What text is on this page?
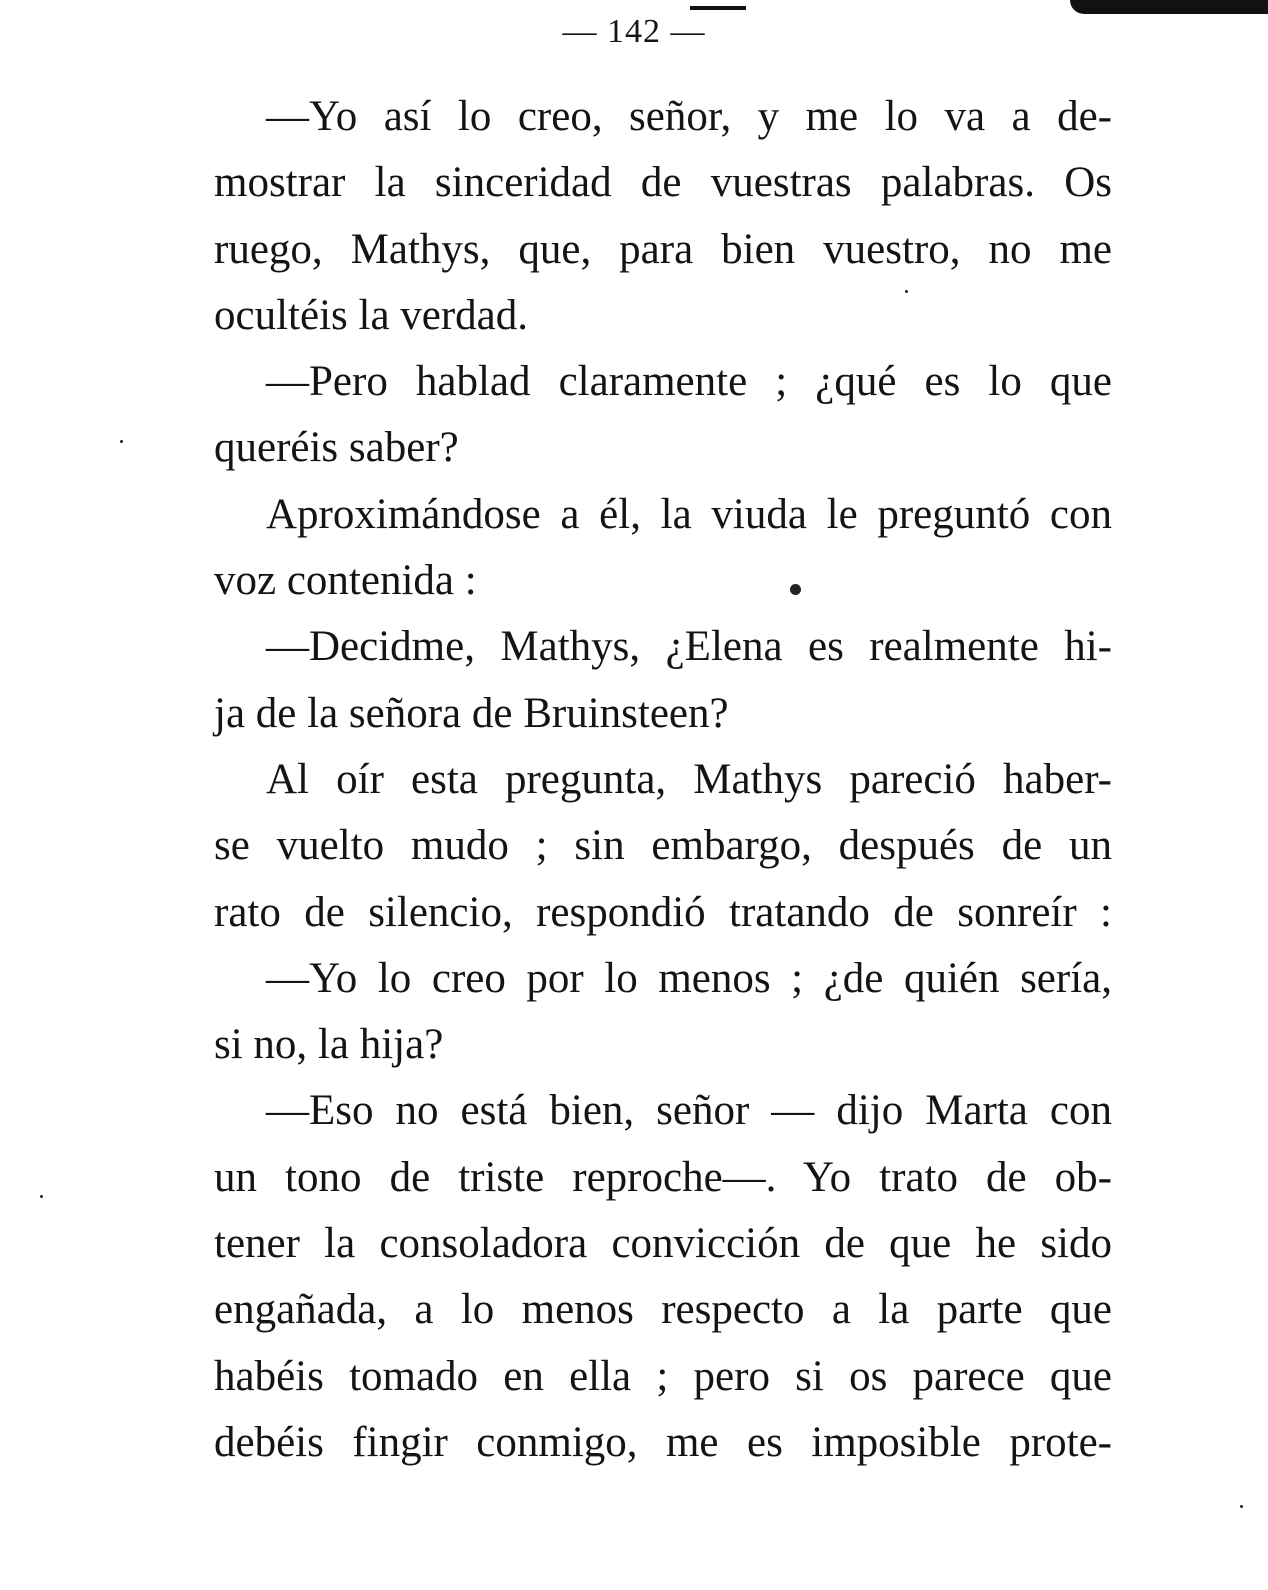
— 142 —
—Yo así lo creo, señor, y me lo va a de-
mostrar la sinceridad de vuestras palabras. Os
ruego, Mathys, que, para bien vuestro, no me
ocultéis la verdad.
—Pero hablad claramente ; ¿qué es lo que
queréis saber?
Aproximándose a él, la viuda le preguntó con
voz contenida :
—Decidme, Mathys, ¿Elena es realmente hi-
ja de la señora de Bruinsteen?
Al oír esta pregunta, Mathys pareció haber-
se vuelto mudo ; sin embargo, después de un
rato de silencio, respondió tratando de sonreír :
—Yo lo creo por lo menos ; ¿de quién sería,
si no, la hija?
—Eso no está bien, señor — dijo Marta con
un tono de triste reproche—. Yo trato de ob-
tener la consoladora convicción de que he sido
engañada, a lo menos respecto a la parte que
habéis tomado en ella ; pero si os parece que
debéis fingir conmigo, me es imposible prote-
